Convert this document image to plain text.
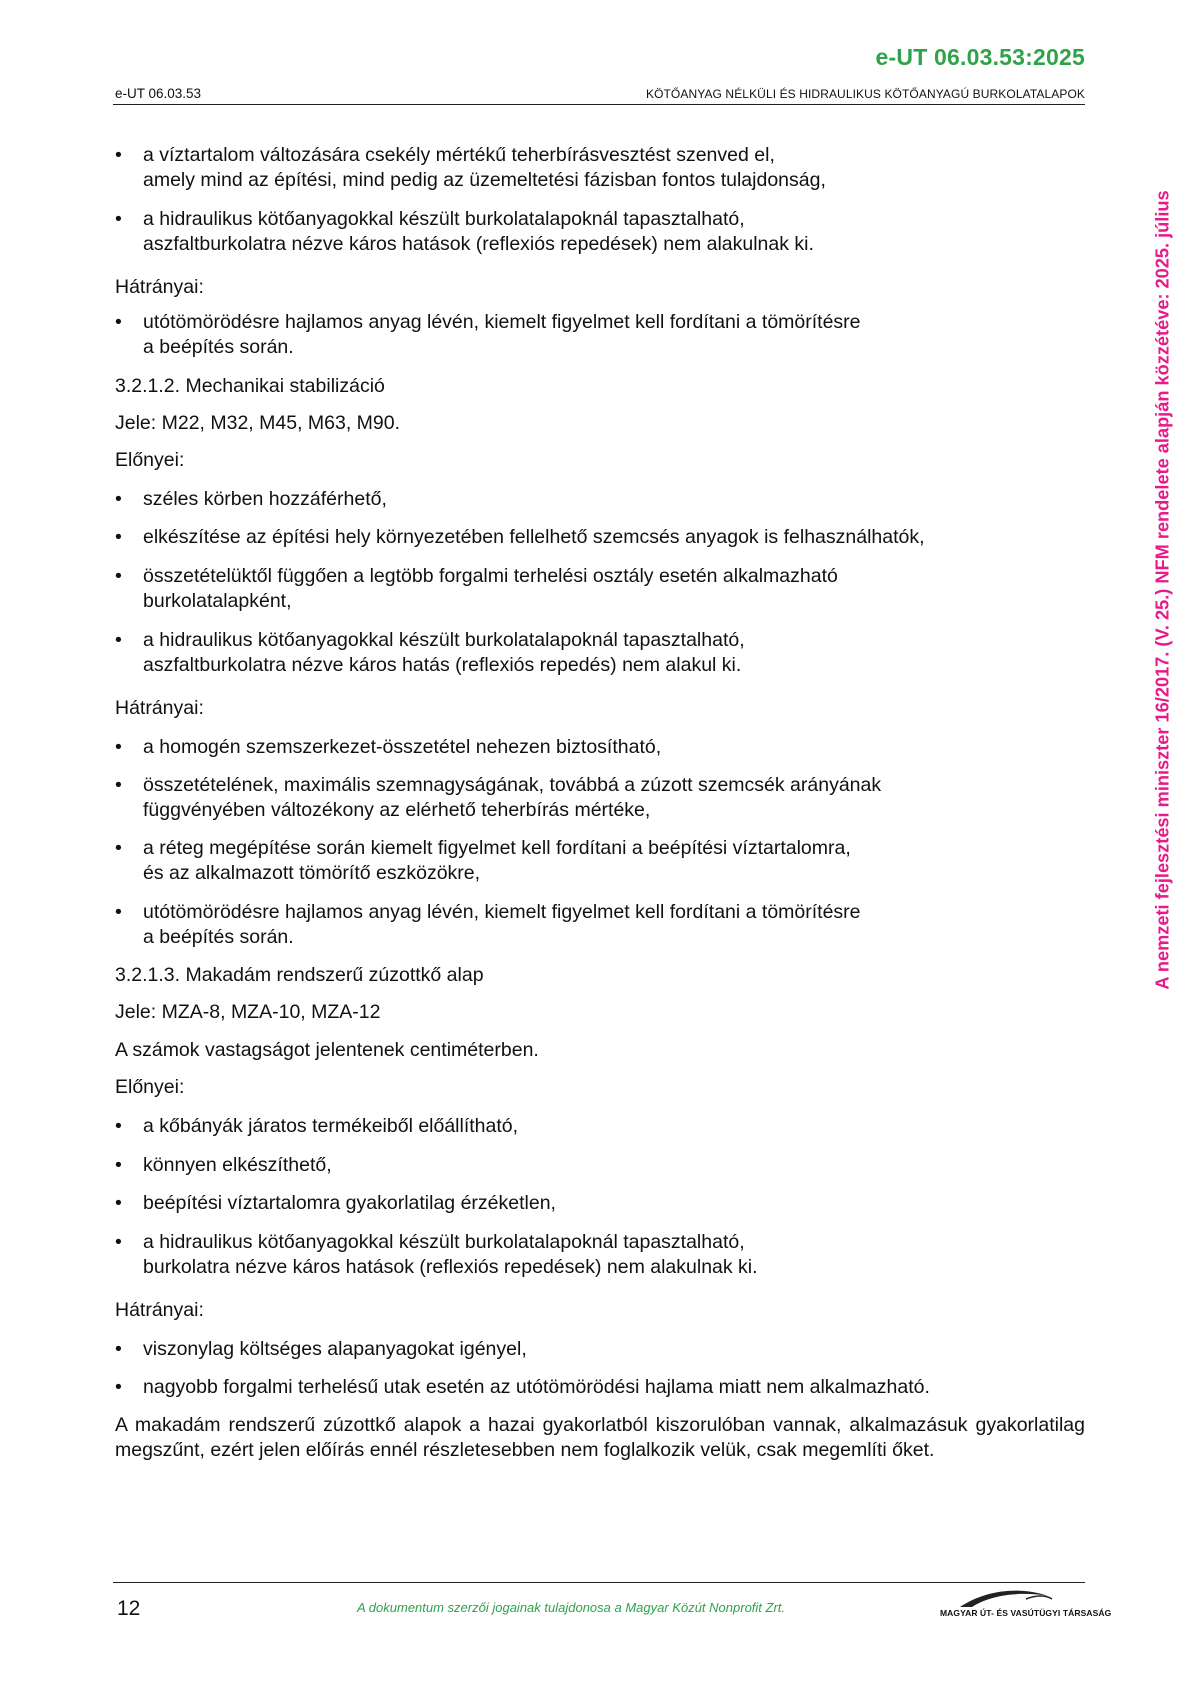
e-UT 06.03.53:2025
e-UT 06.03.53	KÖTŐANYAG NÉLKÜLI ÉS HIDRAULIKUS KÖTŐANYAGÚ BURKOLATALAPOK
A nemzeti fejlesztési miniszter 16/2017. (V. 25.) NFM rendelete alapján közzétéve: 2025. július
• a víztartalom változására csekély mértékű teherbírásvesztést szenved el,
amely mind az építési, mind pedig az üzemeltetési fázisban fontos tulajdonság,
• a hidraulikus kötőanyagokkal készült burkolatalapoknál tapasztalható,
aszfaltburkolatra nézve káros hatások (reflexiós repedések) nem alakulnak ki.
Hátrányai:
• utótömörödésre hajlamos anyag lévén, kiemelt figyelmet kell fordítani a tömörítésre
a beépítés során.
3.2.1.2. Mechanikai stabilizáció
Jele: M22, M32, M45, M63, M90.
Előnyei:
• széles körben hozzáférhető,
• elkészítése az építési hely környezetében fellelhető szemcsés anyagok is felhasználhatók,
• összetételüktől függően a legtöbb forgalmi terhelési osztály esetén alkalmazható
burkolatalapként,
• a hidraulikus kötőanyagokkal készült burkolatalapoknál tapasztalható,
aszfaltburkolatra nézve káros hatás (reflexiós repedés) nem alakul ki.
Hátrányai:
• a homogén szemszerkezet-összetétel nehezen biztosítható,
• összetételének, maximális szemnagyságának, továbbá a zúzott szemcsék arányának
függvényében változékony az elérhető teherbírás mértéke,
• a réteg megépítése során kiemelt figyelmet kell fordítani a beépítési víztartalomra,
és az alkalmazott tömörítő eszközökre,
• utótömörödésre hajlamos anyag lévén, kiemelt figyelmet kell fordítani a tömörítésre
a beépítés során.
3.2.1.3. Makadám rendszerű zúzottkő alap
Jele: MZA-8, MZA-10, MZA-12
A számok vastagságot jelentenek centiméterben.
Előnyei:
• a kőbányák járatos termékeiből előállítható,
• könnyen elkészíthető,
• beépítési víztartalomra gyakorlatilag érzéketlen,
• a hidraulikus kötőanyagokkal készült burkolatalapoknál tapasztalható,
burkolatra nézve káros hatások (reflexiós repedések) nem alakulnak ki.
Hátrányai:
• viszonylag költséges alapanyagokat igényel,
• nagyobb forgalmi terhelésű utak esetén az utótömörödési hajlama miatt nem alkalmazható.
A makadám rendszerű zúzottkő alapok a hazai gyakorlatból kiszorulóban vannak, alkalmazásuk gyakorlatilag megszűnt, ezért jelen előírás ennél részletesebben nem foglalkozik velük, csak megemlíti őket.
12	A dokumentum szerzői jogainak tulajdonosa a Magyar Közút Nonprofit Zrt.	MAGYAR ÚT- ÉS VASÚTÜGYI TÁRSASÁG
